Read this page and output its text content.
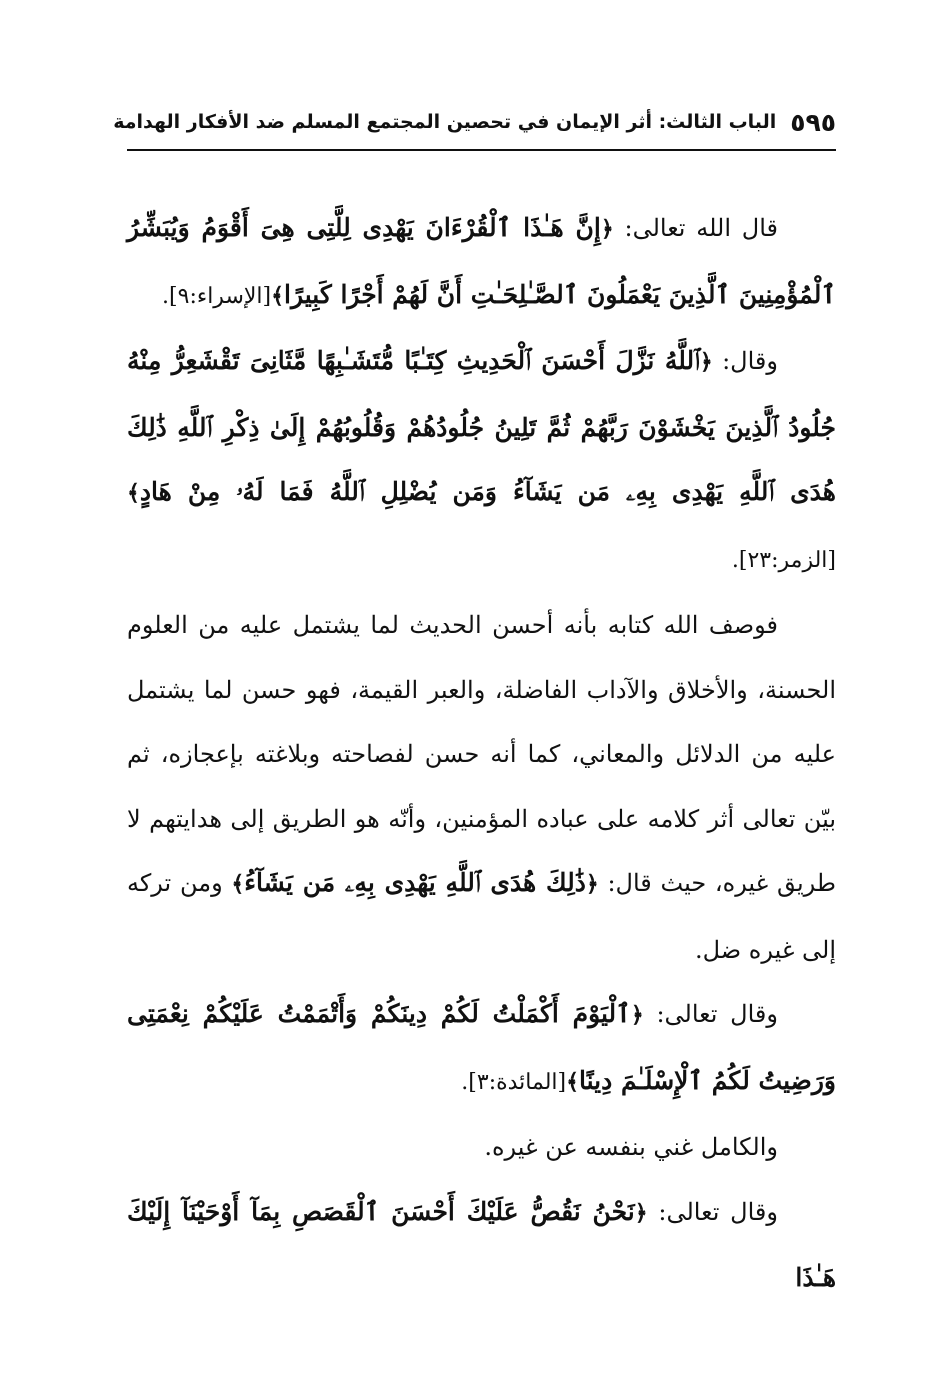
٥٩٥
الباب الثالث: أثر الإيمان في تحصين المجتمع المسلم ضد الأفكار الهدامة

قال الله تعالى: ﴿إِنَّ هَـٰذَا ٱلْقُرْءَانَ يَهْدِى لِلَّتِى هِىَ أَقْوَمُ وَيُبَشِّرُ ٱلْمُؤْمِنِينَ ٱلَّذِينَ يَعْمَلُونَ ٱلصَّـٰلِحَـٰتِ أَنَّ لَهُمْ أَجْرًا كَبِيرًا﴾[الإسراء:٩].

وقال: ﴿ٱللَّهُ نَزَّلَ أَحْسَنَ ٱلْحَدِيثِ كِتَـٰبًا مُّتَشَـٰبِهًا مَّثَانِىَ تَقْشَعِرُّ مِنْهُ جُلُودُ ٱلَّذِينَ يَخْشَوْنَ رَبَّهُمْ ثُمَّ تَلِينُ جُلُودُهُمْ وَقُلُوبُهُمْ إِلَىٰ ذِكْرِ ٱللَّهِ ذَٰلِكَ هُدَى ٱللَّهِ يَهْدِى بِهِۦ مَن يَشَآءُ وَمَن يُضْلِلِ ٱللَّهُ فَمَا لَهُۥ مِنْ هَادٍ﴾[الزمر:٢٣].

فوصف الله كتابه بأنه أحسن الحديث لما يشتمل عليه من العلوم الحسنة، والأخلاق والآداب الفاضلة، والعبر القيمة، فهو حسن لما يشتمل عليه من الدلائل والمعاني، كما أنه حسن لفصاحته وبلاغته بإعجازه، ثم بيّن تعالى أثر كلامه على عباده المؤمنين، وأنّه هو الطريق إلى هدايتهم لا طريق غيره، حيث قال: ﴿ذَٰلِكَ هُدَى ٱللَّهِ يَهْدِى بِهِۦ مَن يَشَآءُ﴾ ومن تركه إلى غيره ضل.

وقال تعالى: ﴿ٱلْيَوْمَ أَكْمَلْتُ لَكُمْ دِينَكُمْ وَأَتْمَمْتُ عَلَيْكُمْ نِعْمَتِى وَرَضِيتُ لَكُمُ ٱلْإِسْلَـٰمَ دِينًا﴾[المائدة:٣].

والكامل غني بنفسه عن غيره.

وقال تعالى: ﴿نَحْنُ نَقُصُّ عَلَيْكَ أَحْسَنَ ٱلْقَصَصِ بِمَآ أَوْحَيْنَآ إِلَيْكَ هَـٰذَا
